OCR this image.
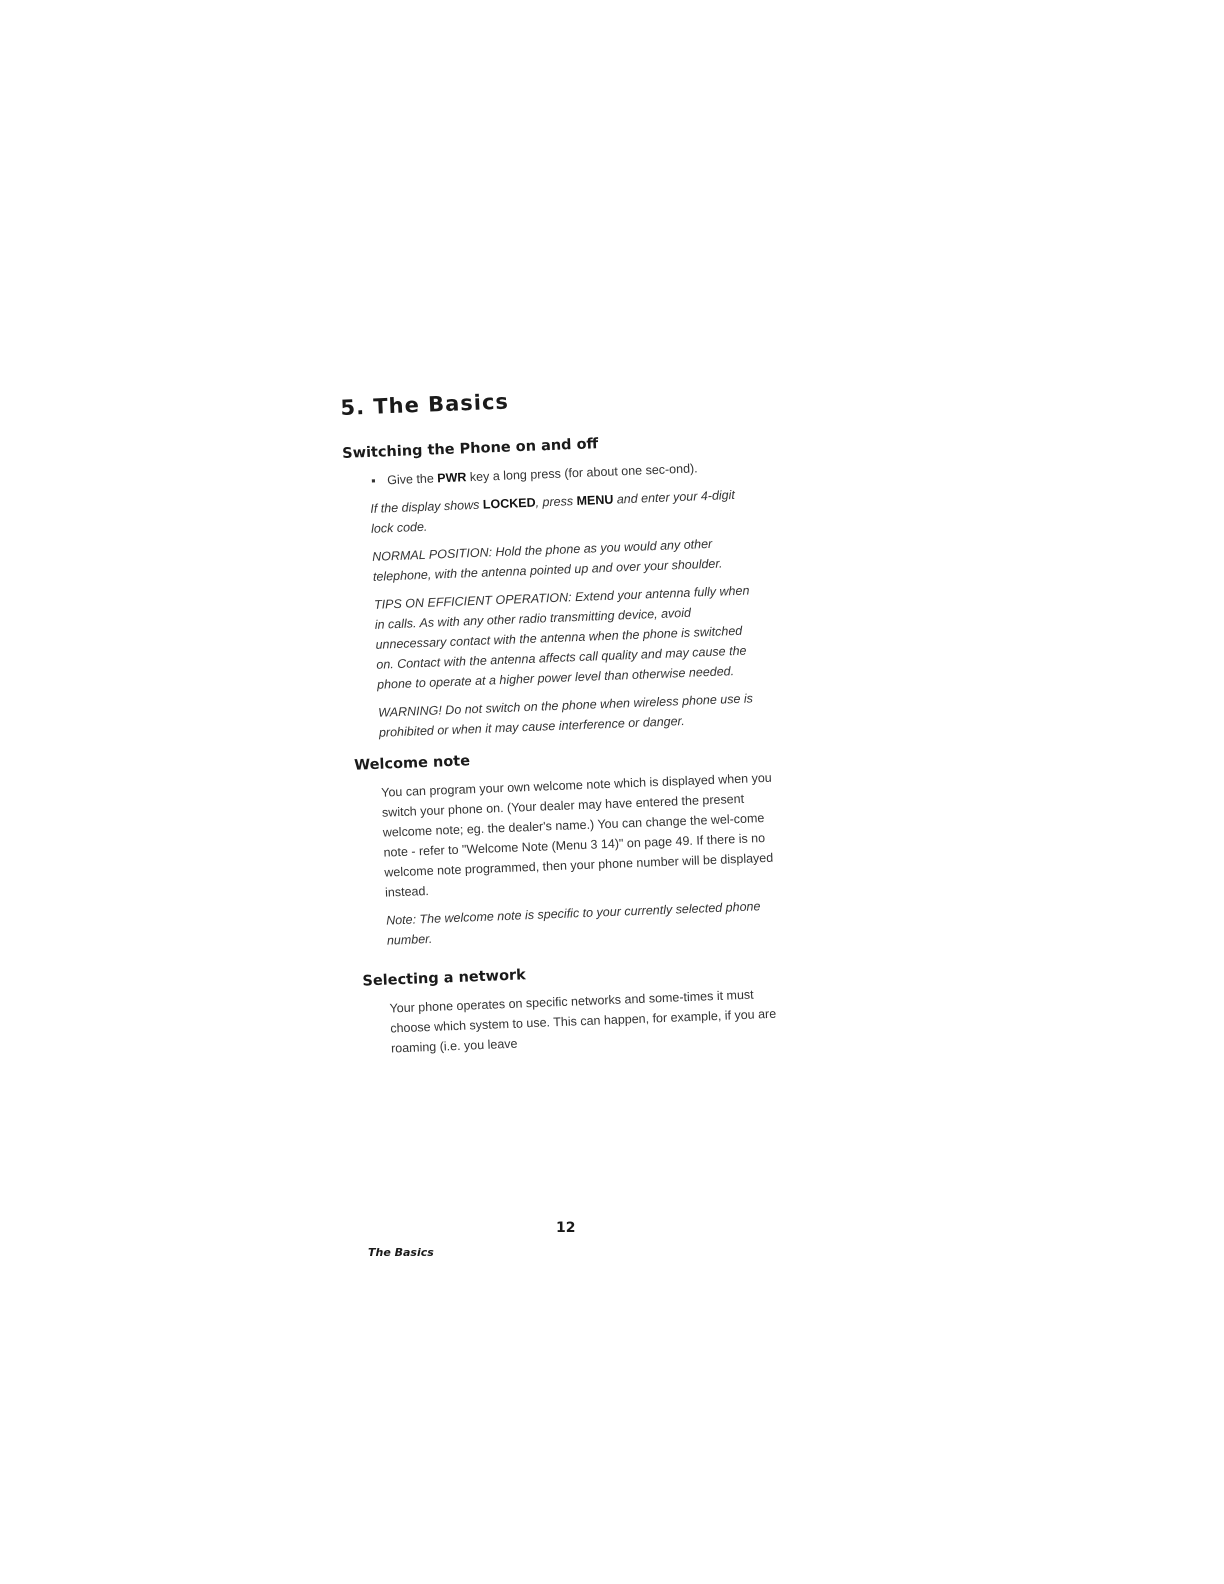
5. The Basics
Switching the Phone on and off
▪ Give the PWR key a long press (for about one sec-ond).

If the display shows LOCKED, press MENU and enter your 4-digit lock code.

NORMAL POSITION: Hold the phone as you would any other telephone, with the antenna pointed up and over your shoulder.

TIPS ON EFFICIENT OPERATION: Extend your antenna fully when in calls. As with any other radio transmitting device, avoid unnecessary contact with the antenna when the phone is switched on. Contact with the antenna affects call quality and may cause the phone to operate at a higher power level than otherwise needed.

WARNING! Do not switch on the phone when wireless phone use is prohibited or when it may cause interference or danger.

Welcome note

You can program your own welcome note which is displayed when you switch your phone on. (Your dealer may have entered the present welcome note; eg. the dealer's name.) You can change the wel-come note - refer to "Welcome Note (Menu 3 14)" on page 49. If there is no welcome note programmed, then your phone number will be displayed instead.

Note: The welcome note is specific to your currently selected phone number.

Selecting a network

Your phone operates on specific networks and some-times it must choose which system to use. This can happen, for example, if you are roaming (i.e. you leave

12
The Basics
